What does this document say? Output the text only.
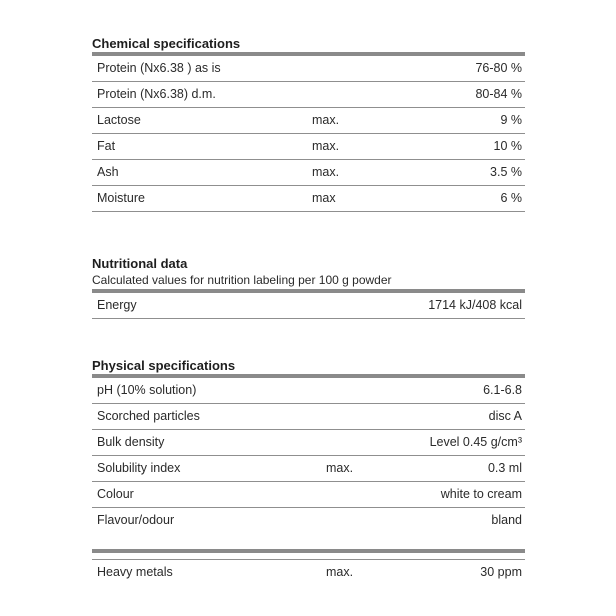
Chemical specifications
Protein (Nx6.38 ) as is	76-80 %
Protein (Nx6.38) d.m.	80-84 %
Lactose	max.	9 %
Fat	max.	10 %
Ash	max.	3.5 %
Moisture	max	6 %
Nutritional data
Calculated values for nutrition labeling per 100 g powder
Energy	1714 kJ/408 kcal
Physical specifications
pH (10% solution)	6.1-6.8
Scorched particles	disc A
Bulk density	Level 0.45 g/cm³
Solubility index	max.	0.3 ml
Colour	white to cream
Flavour/odour	bland
Heavy metals	max.	30 ppm
